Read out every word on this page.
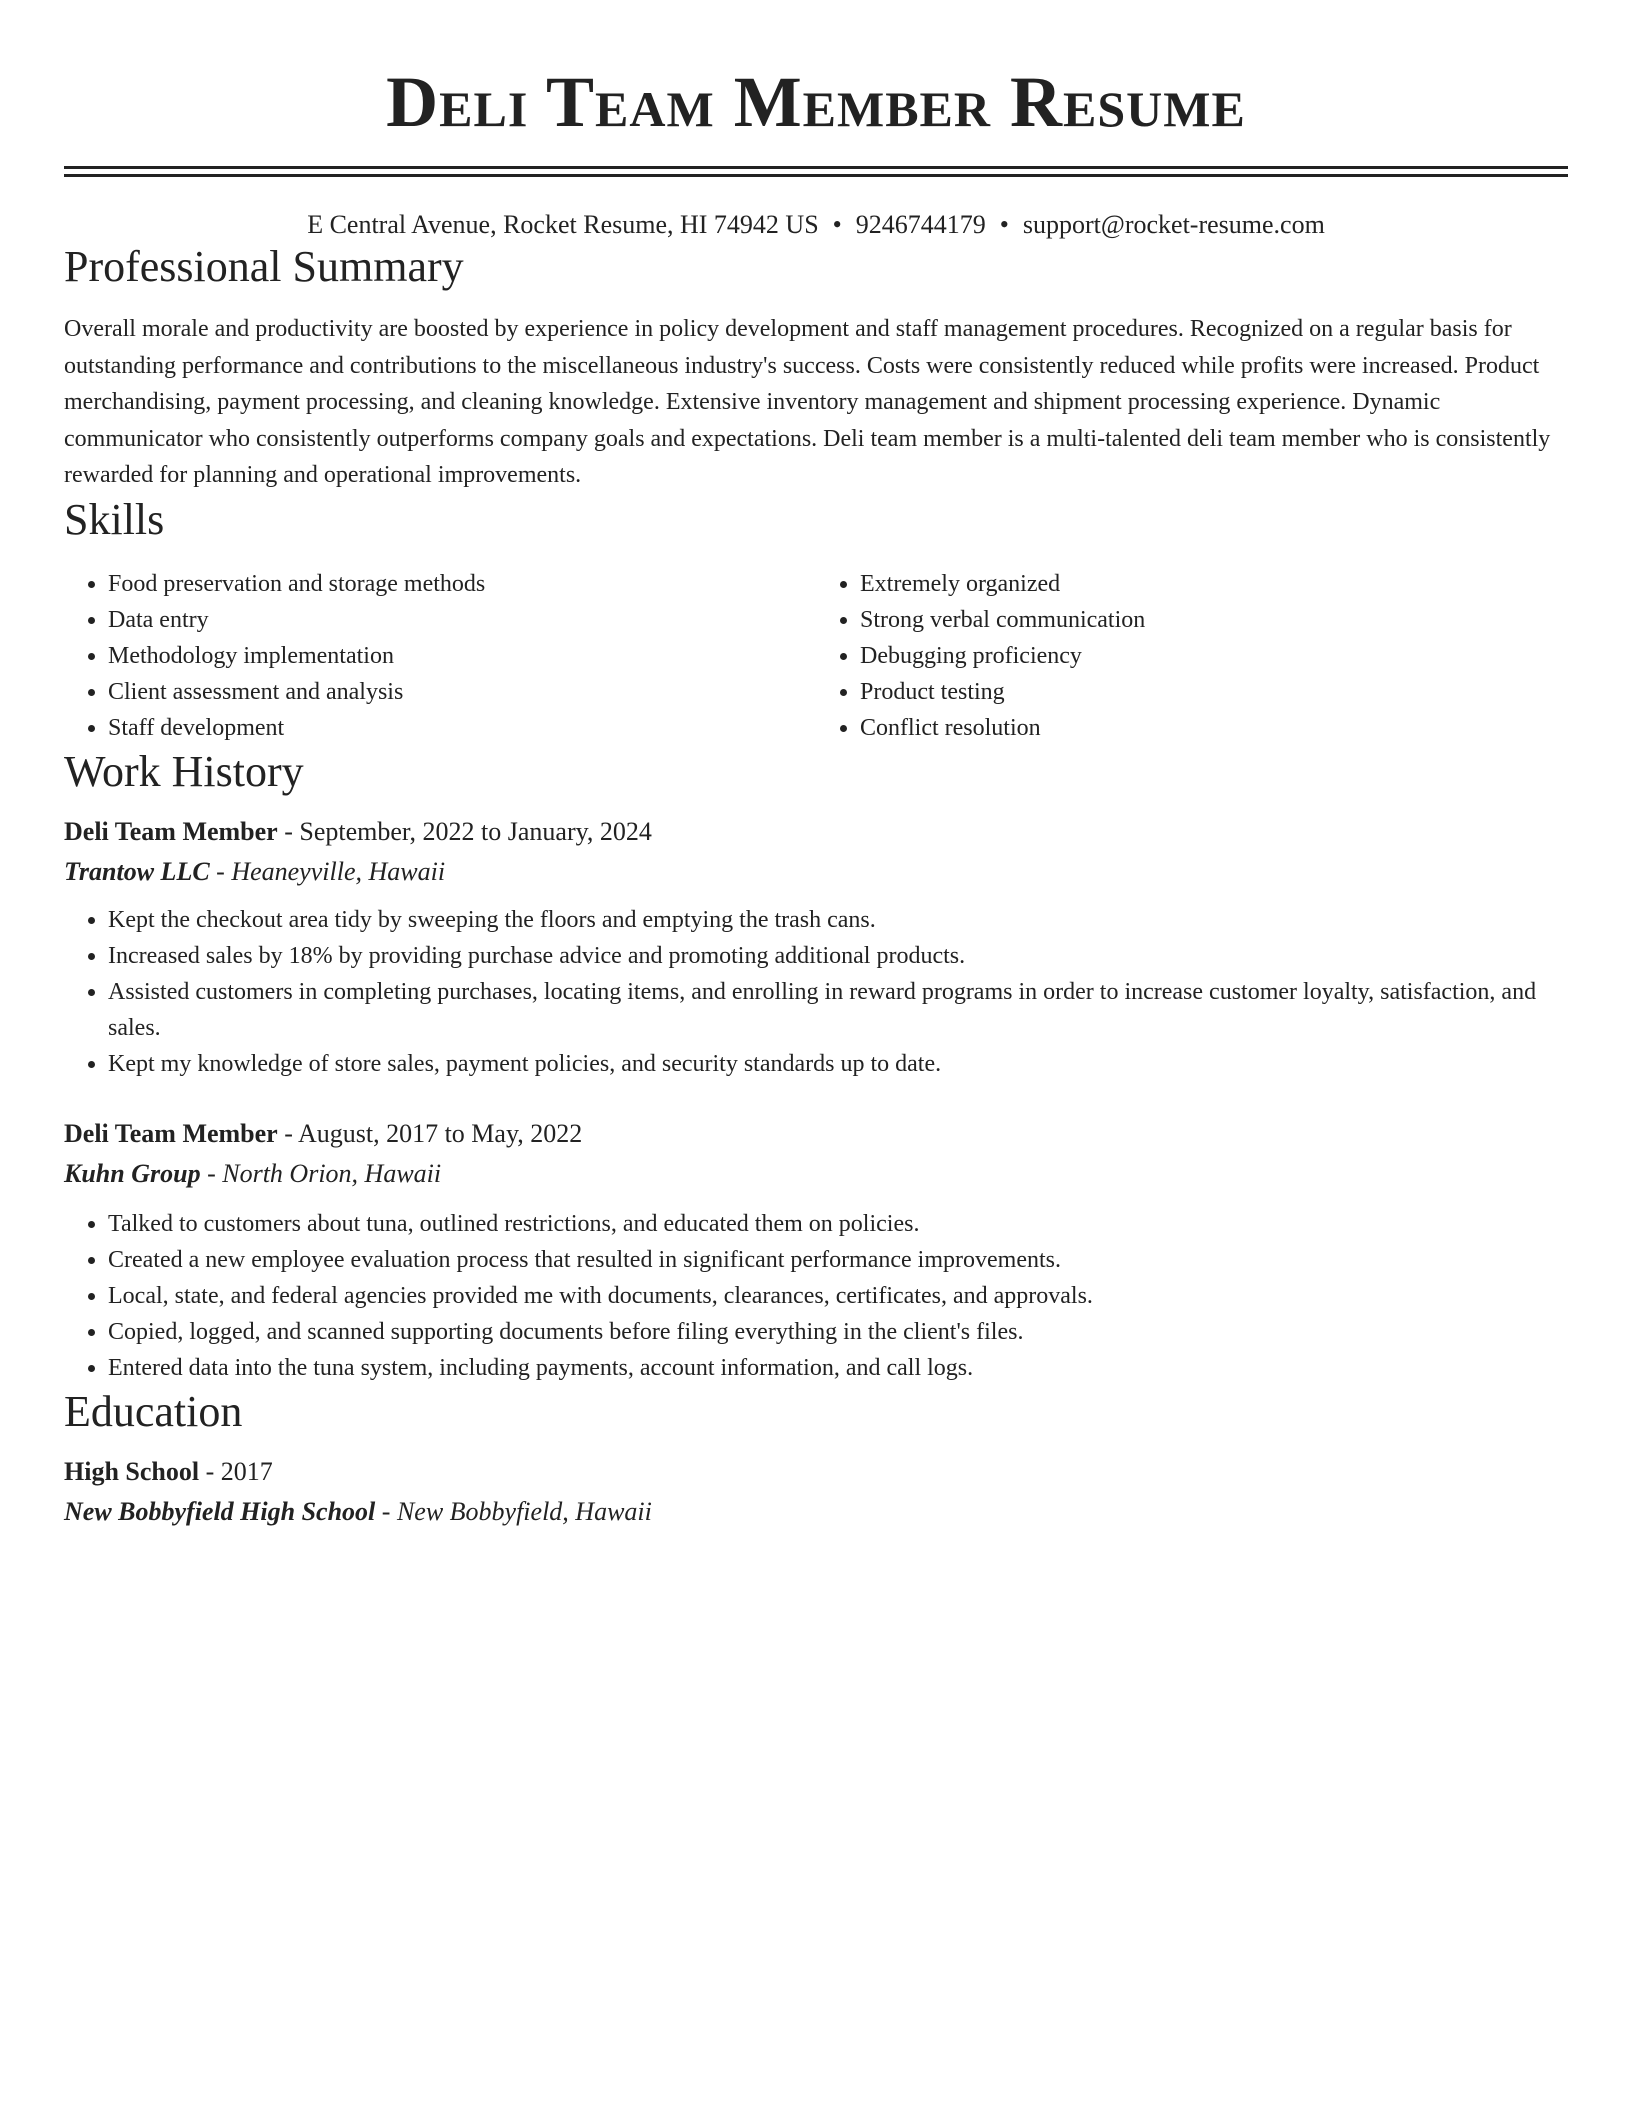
Deli Team Member Resume
E Central Avenue, Rocket Resume, HI 74942 US • 9246744179 • support@rocket-resume.com
Professional Summary

Overall morale and productivity are boosted by experience in policy development and staff management procedures. Recognized on a regular basis for outstanding performance and contributions to the miscellaneous industry's success. Costs were consistently reduced while profits were increased. Product merchandising, payment processing, and cleaning knowledge. Extensive inventory management and shipment processing experience. Dynamic communicator who consistently outperforms company goals and expectations. Deli team member is a multi-talented deli team member who is consistently rewarded for planning and operational improvements.

Skills
• Food preservation and storage methods
• Data entry
• Methodology implementation
• Client assessment and analysis
• Staff development
• Extremely organized
• Strong verbal communication
• Debugging proficiency
• Product testing
• Conflict resolution
Work History
Deli Team Member - September, 2022 to January, 2024
Trantow LLC - Heaneyville, Hawaii
• Kept the checkout area tidy by sweeping the floors and emptying the trash cans.
• Increased sales by 18% by providing purchase advice and promoting additional products.
• Assisted customers in completing purchases, locating items, and enrolling in reward programs in order to increase customer loyalty, satisfaction, and sales.
• Kept my knowledge of store sales, payment policies, and security standards up to date.
Deli Team Member - August, 2017 to May, 2022
Kuhn Group - North Orion, Hawaii
• Talked to customers about tuna, outlined restrictions, and educated them on policies.
• Created a new employee evaluation process that resulted in significant performance improvements.
• Local, state, and federal agencies provided me with documents, clearances, certificates, and approvals.
• Copied, logged, and scanned supporting documents before filing everything in the client's files.
• Entered data into the tuna system, including payments, account information, and call logs.
Education
High School - 2017
New Bobbyfield High School - New Bobbyfield, Hawaii
